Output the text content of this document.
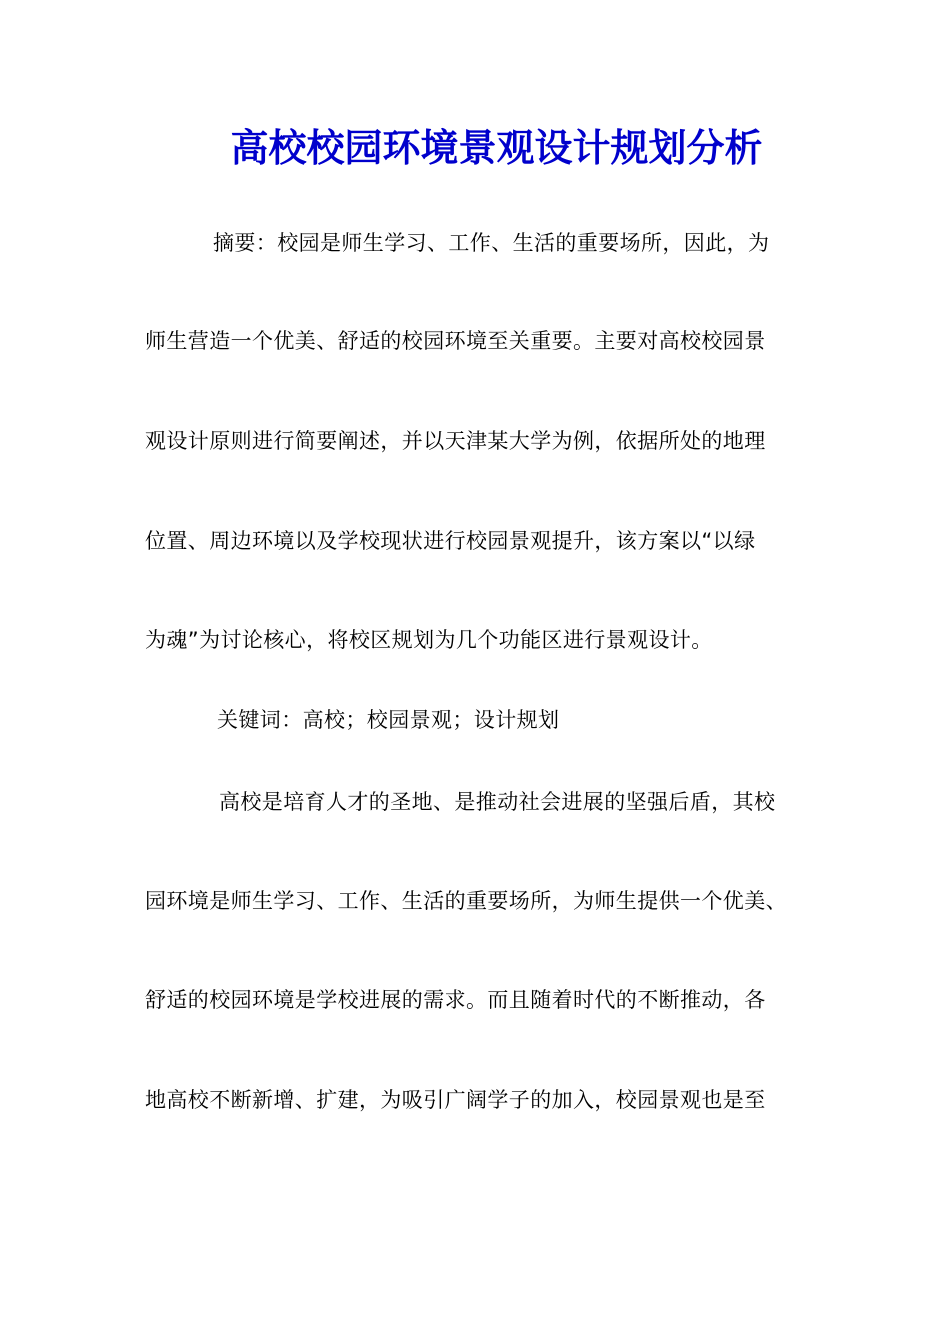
高校校园环境景观设计规划分析
摘要：校园是师生学习、工作、生活的重要场所，因此，为
师生营造一个优美、舒适的校园环境至关重要。主要对高校校园景
观设计原则进行简要阐述，并以天津某大学为例，依据所处的地理
位置、周边环境以及学校现状进行校园景观提升，该方案以“以绿
为魂”为讨论核心，将校区规划为几个功能区进行景观设计。
关键词：高校；校园景观；设计规划
高校是培育人才的圣地、是推动社会进展的坚强后盾，其校
园环境是师生学习、工作、生活的重要场所，为师生提供一个优美、
舒适的校园环境是学校进展的需求。而且随着时代的不断推动，各
地高校不断新增、扩建，为吸引广阔学子的加入，校园景观也是至
